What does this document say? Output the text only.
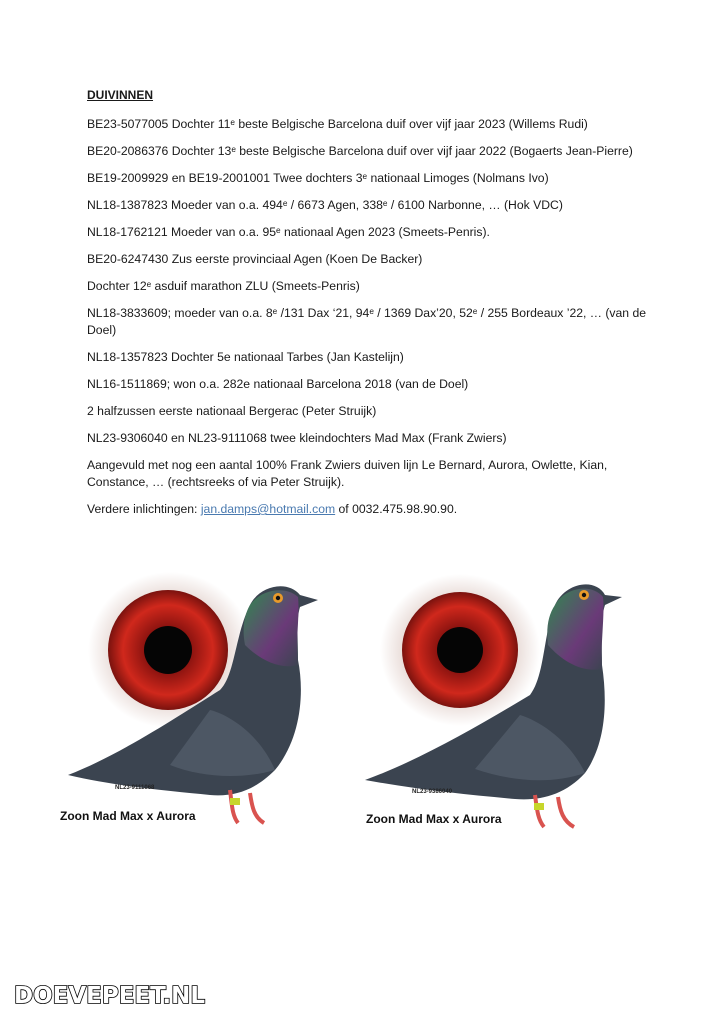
DUIVINNEN

BE23-5077005 Dochter 11ᵉ beste Belgische Barcelona duif over vijf jaar 2023 (Willems Rudi)

BE20-2086376 Dochter 13ᵉ beste Belgische Barcelona duif over vijf jaar 2022 (Bogaerts Jean-Pierre)

BE19-2009929 en BE19-2001001 Twee dochters 3ᵉ nationaal Limoges (Nolmans Ivo)

NL18-1387823 Moeder van o.a. 494ᵉ / 6673 Agen, 338ᵉ / 6100 Narbonne, … (Hok VDC)

NL18-1762121 Moeder van o.a. 95ᵉ nationaal Agen 2023 (Smeets-Penris).

BE20-6247430 Zus eerste provinciaal Agen (Koen De Backer)

Dochter 12ᵉ asduif marathon ZLU (Smeets-Penris)

NL18-3833609; moeder van o.a. 8ᵉ /131 Dax ‘21, 94ᵉ / 1369 Dax’20, 52ᵉ / 255 Bordeaux ’22, … (van de Doel)

NL18-1357823 Dochter 5e nationaal Tarbes (Jan Kastelijn)

NL16-1511869; won o.a. 282e nationaal Barcelona 2018 (van de Doel)

2 halfzussen eerste nationaal Bergerac (Peter Struijk)

NL23-9306040 en NL23-9111068 twee kleindochters Mad Max (Frank Zwiers)

Aangevuld met nog een aantal 100% Frank Zwiers duiven lijn Le Bernard, Aurora, Owlette, Kian, Constance, … (rechtsreeks of via Peter Struijk).

Verdere inlichtingen: jan.damps@hotmail.com of 0032.475.98.90.90.

NL23-9111068
Zoon Mad Max x Aurora
NL23-9386040
Zoon Mad Max x Aurora
DOEVEPEET.NL
